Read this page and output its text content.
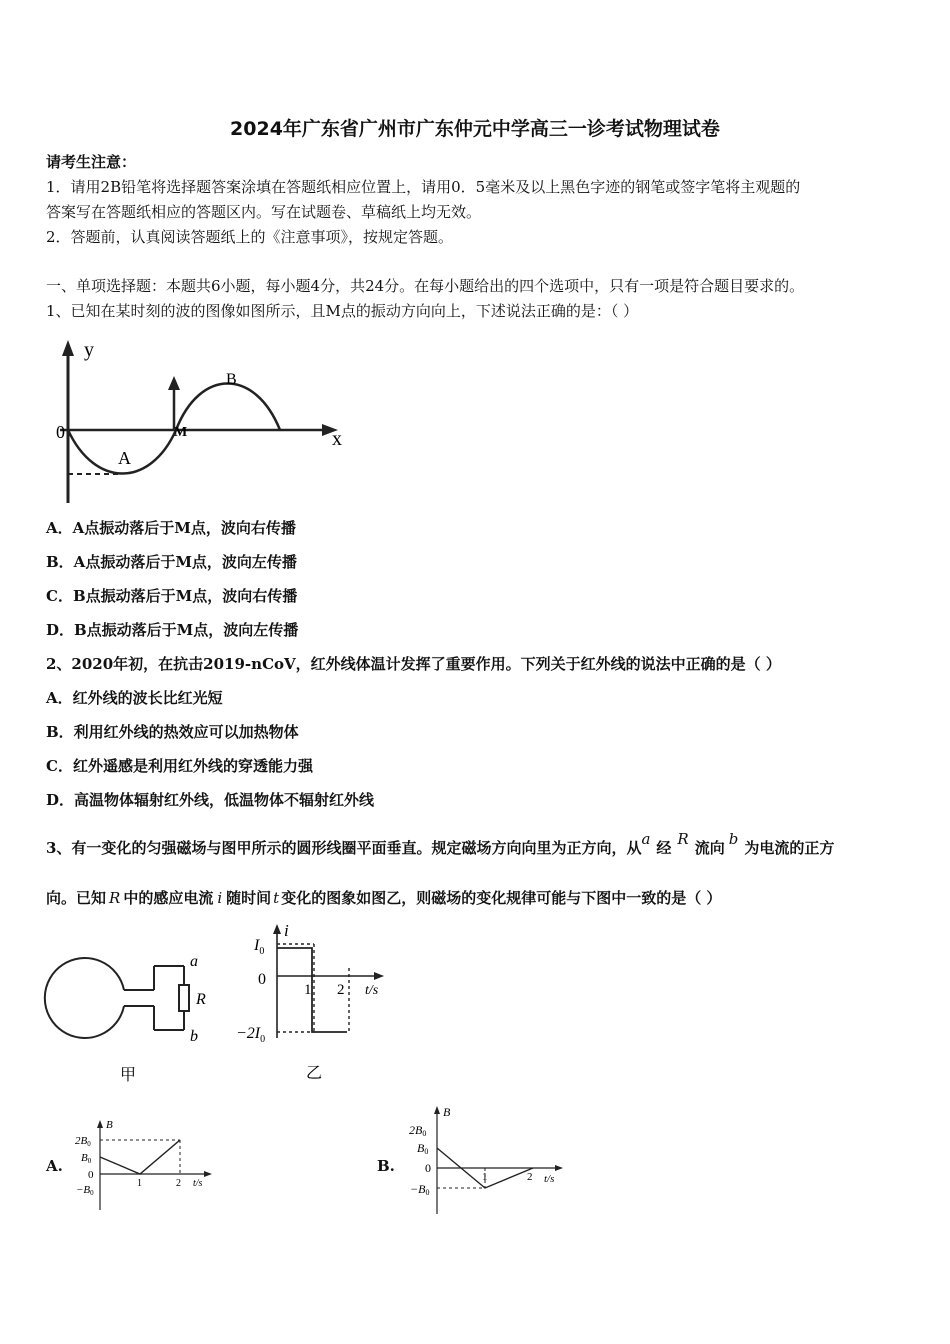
2024年广东省广州市广东仲元中学高三一诊考试物理试卷
请考生注意：
1．请用2B铅笔将选择题答案涂填在答题纸相应位置上，请用0．5毫米及以上黑色字迹的钢笔或签字笔将主观题的
答案写在答题纸相应的答题区内。写在试题卷、草稿纸上均无效。
2．答题前，认真阅读答题纸上的《注意事项》，按规定答题。
一、单项选择题：本题共6小题，每小题4分，共24分。在每小题给出的四个选项中，只有一项是符合题目要求的。
1、已知在某时刻的波的图像如图所示，且M点的振动方向向上，下述说法正确的是：（ ）
y
x
0
A
B
M
A．A点振动落后于M点，波向右传播
B．A点振动落后于M点，波向左传播
C．B点振动落后于M点，波向右传播
D．B点振动落后于M点，波向左传播
2、2020年初，在抗击2019-nCoV，红外线体温计发挥了重要作用。下列关于红外线的说法中正确的是（ ）
A．红外线的波长比红光短
B．利用红外线的热效应可以加热物体
C．红外遥感是利用红外线的穿透能力强
D．高温物体辐射红外线，低温物体不辐射红外线
3、有一变化的匀强磁场与图甲所示的圆形线圈平面垂直。规定磁场方向向里为正方向，从a 经 R 流向 b 为电流的正方
向。已知 R 中的感应电流 i 随时间 t 变化的图象如图乙，则磁场的变化规律可能与下图中一致的是（ ）
a
R
b
甲
i
$I_0$
0
$-2I_0$
1 2 t/s
乙
A.
B
2B0
B0
0
−B0
1	2 t/s
B.
B
2B0
B0
0
−B0
1	2 t/s
